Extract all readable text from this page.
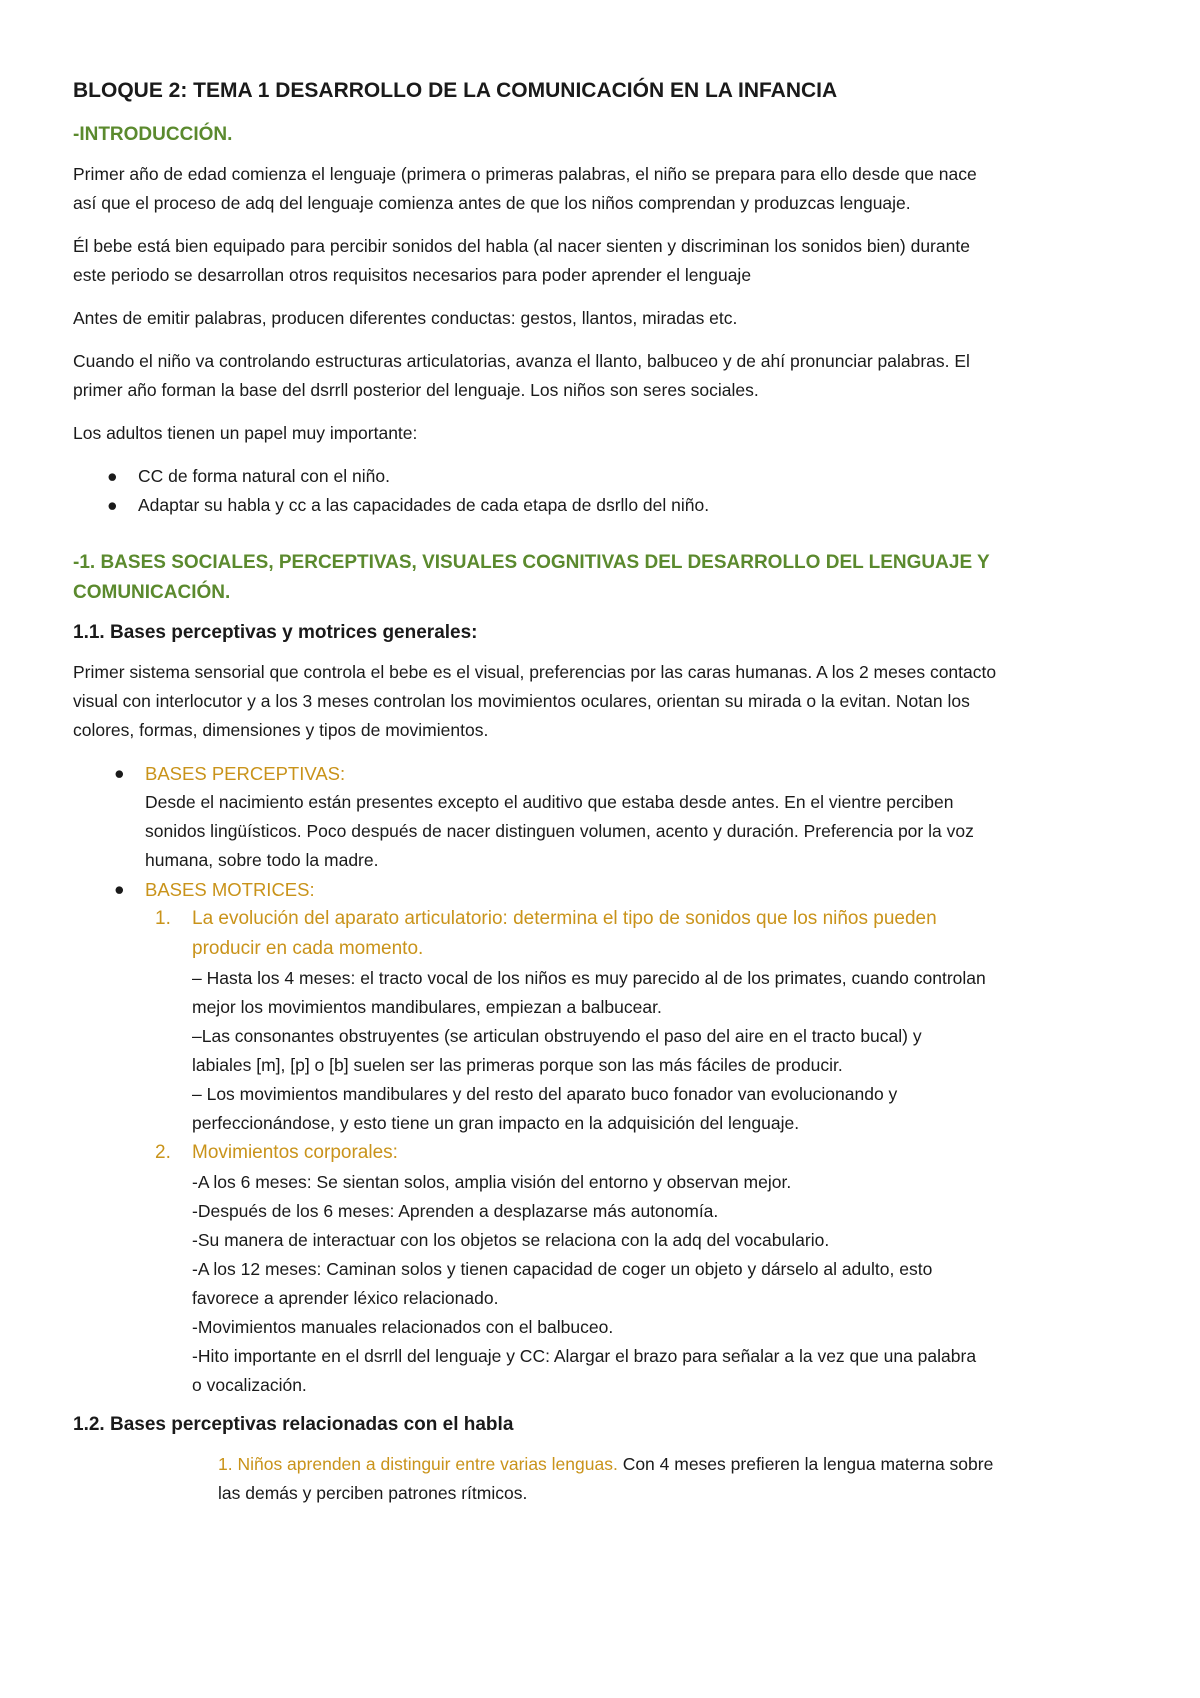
BLOQUE 2: TEMA 1 DESARROLLO DE LA COMUNICACIÓN EN LA INFANCIA
-INTRODUCCIÓN.

Primer año de edad comienza el lenguaje (primera o primeras palabras, el niño se prepara para ello desde que nace
así que el proceso de adq del lenguaje comienza antes de que los niños comprendan y produzcas lenguaje.

Él bebe está bien equipado para percibir sonidos del habla (al nacer sienten y discriminan los sonidos bien) durante
este periodo se desarrollan otros requisitos necesarios para poder aprender el lenguaje

Antes de emitir palabras, producen diferentes conductas: gestos, llantos, miradas etc.

Cuando el niño va controlando estructuras articulatorias, avanza el llanto, balbuceo y de ahí pronunciar palabras. El
primer año forman la base del dsrrll posterior del lenguaje. Los niños son seres sociales.

Los adultos tienen un papel muy importante:

● CC de forma natural con el niño.
● Adaptar su habla y cc a las capacidades de cada etapa de dsrllo del niño.
-1. BASES SOCIALES, PERCEPTIVAS, VISUALES COGNITIVAS DEL DESARROLLO DEL LENGUAJE Y
COMUNICACIÓN.
1.1. Bases perceptivas y motrices generales:

Primer sistema sensorial que controla el bebe es el visual, preferencias por las caras humanas. A los 2 meses contacto
visual con interlocutor y a los 3 meses controlan los movimientos oculares, orientan su mirada o la evitan. Notan los
colores, formas, dimensiones y tipos de movimientos.

● BASES PERCEPTIVAS:
Desde el nacimiento están presentes excepto el auditivo que estaba desde antes. En el vientre perciben
sonidos lingüísticos. Poco después de nacer distinguen volumen, acento y duración. Preferencia por la voz
humana, sobre todo la madre.
● BASES MOTRICES:
1. La evolución del aparato articulatorio: determina el tipo de sonidos que los niños pueden
producir en cada momento.
– Hasta los 4 meses: el tracto vocal de los niños es muy parecido al de los primates, cuando controlan
mejor los movimientos mandibulares, empiezan a balbucear.
–Las consonantes obstruyentes (se articulan obstruyendo el paso del aire en el tracto bucal) y
labiales [m], [p] o [b] suelen ser las primeras porque son las más fáciles de producir.
– Los movimientos mandibulares y del resto del aparato buco fonador van evolucionando y
perfeccionándose, y esto tiene un gran impacto en la adquisición del lenguaje.
2. Movimientos corporales:
-A los 6 meses: Se sientan solos, amplia visión del entorno y observan mejor.
-Después de los 6 meses: Aprenden a desplazarse más autonomía.
-Su manera de interactuar con los objetos se relaciona con la adq del vocabulario.
-A los 12 meses: Caminan solos y tienen capacidad de coger un objeto y dárselo al adulto, esto
favorece a aprender léxico relacionado.
-Movimientos manuales relacionados con el balbuceo.
-Hito importante en el dsrrll del lenguaje y CC: Alargar el brazo para señalar a la vez que una palabra
o vocalización.
1.2. Bases perceptivas relacionadas con el habla

1. Niños aprenden a distinguir entre varias lenguas. Con 4 meses prefieren la lengua materna sobre
las demás y perciben patrones rítmicos.
